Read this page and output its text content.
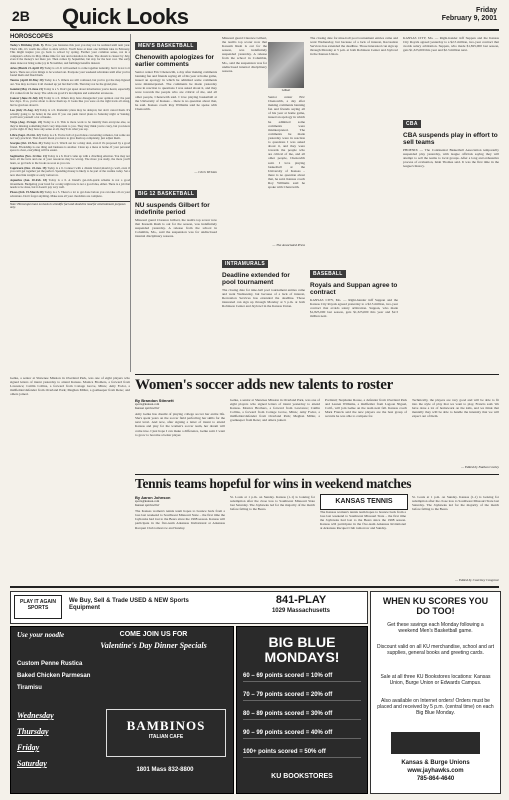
2B Quick Looks	Friday
February 9, 2001
HOROSCOPES
Today's Birthday (Feb. 9). Have you fantasies this year you may not be realized until next year. That's OK, it's worth the effort to stick with it. You'll have at least one brilliant idea in February. This might inspire you go back to school by spring. Further your common sense, not in a complete's advice in May. Make time for rest and relaxation in June. The dream is clearer by July, even if the money's not there yet. Then comes by September, but stay for the best cost. The early dates done not bring some joy in November, and furthings benefits instead.
Aries (March 21-April 19) Today is a 6. It will seemed to come together naturally, but it is not to it here's. There are a few things to be worked out. Postpone your weekend adventure until after you've found them and fixed them.
Taurus (April 20-May 20) Today is a 5. Others are still confused, but you've got the map figured out. You may not have it all cleaned up yet but that's OK. That may not be the grand plan.
Gemini (May 21-June 21) Today is a 5. Don't get upset about information you're heard, especially if it comes from far away. The odds are good it's incomplete and somewhat erroneous.
Cancer (June 22-July 22) Today is a 6. Others may have disregarded your opinion over the past few days. If so, you're about to show them up. It looks like you were on the right track all along, but be gracious about it.
Leo (July 23-Aug. 22) Today is a 6. Romantic plans may be delayed, but don't cancel them. It's actually going to be better in the end. If you can push travel plans to Saturday night or Sunday, you'll save yourself a lot of hassle.
Virgo (Aug. 23-Sept. 22) Today is a 6. This is more work to be identify than everyone else, so they're missing something that's very important to you. They may think you're crazy, but you know you're right. If they have any sense at all, they'll do what you say.
Libra (Sept. 23-Oct. 22) Today is a 6. You're full of good ideas concerning romance, but some are not very practical. That doesn't mean you have to give them up completely, just adjust them.
Scorpio (Oct. 23-Nov. 21) Today is a 5. Watch out for a risky deal, even if it's proposed by a good friend. Friendship is one thing and business is another. Clean up a mess at home. If your personal space is clear, everything will be easier.
Sagittarius (Nov. 22-Dec. 21) Today is a 6. Don't come up with a clinching emotion. You may not have all the facts and one of your resources may be wrong. The more you study, the more you'll learn, so get back to the books as soon as you can.
Capricorn (Dec. 22-Jan. 19) Today is a 6. Connect with a distant friend should go well, even if you can't get together yet the perfect. Spending money is likely to be part of the routine today. Set a new idea link tonight or early tomorrow.
Aquarius (Jan. 20-Feb. 18) Today is a 6. A friend's get-rich-quick scheme is not a good investment. Budgeting your bond for a rainy night now is not a good idea, either. There is a job that needs to be done, but it doesn't pay very well.
Pisces (Feb. 19-March 20) Today is a 5. There's a lot to get done before you can take off on your adventure. Don't forget anything. Make sure all your checklists are complete.
Note: Horoscopes have no basis in scientific fact and should be read for entertainment purposes only.
MEN'S BASKETBALL
Chenowith apologizes for earlier comments
Senior center Eric Chenowith, a day after making comments banning fan and friends saying all of his year at home game, issued an apology in which he admitted some comments were misinterpreted. The comments he made yesterday were in reaction to questions I was asked about it, and they were towards the people who are critical of me, and all other people, Chenowith said. I love playing basketball at the University of Kansas – there is no question about that, he said. Kansas coach Roy Williams said he spoke with Chenowith.
— Chris Wristen
BIG 12 BASKETBALL
NU suspends Gilbert for indefinite period
Missouri guard Clarence Gilbert, the team's top scorer now that Kareem Rush is out for the season, was indefinitely suspended yesterday. A release from the school in Columbia, Mo., said the suspension was for undisclosed internal disciplinary reasons.
Missouri guard Clarence Gilbert, the team's top scorer now that Kareem Rush is out for the season, was indefinitely suspended yesterday. A release from the school in Columbia, Mo., said the suspension was for undisclosed internal disciplinary reasons.
Gilbert
Senior center Eric Chenowith, a day after making comments banning fan and friends saying all of his year at home game, issued an apology in which he admitted some comments were misinterpreted. The comments he made yesterday were in reaction to questions I was asked about it, and they were towards the people who are critical of me, and all other people, Chenowith said. I love playing basketball at the University of Kansas – there is no question about that, he said. Kansas coach Roy Williams said he spoke with Chenowith.
— The Associated Press
INTRAMURALS
Deadline extended for pool tournament
The closing date for nine-ball pool tournament entries came and went Wednesday, but because of a lack of interest, Recreation Services has extended the deadline. Those interested can sign up through Monday at 5 p.m. at both Robinson Center and Jaybowl in the Kansas Union.
The closing date for nine-ball pool tournament entries came and went Wednesday, but because of a lack of interest, Recreation Services has extended the deadline. Those interested can sign up through Monday at 5 p.m. at both Robinson Center and Jaybowl in the Kansas Union.
BASEBALL
Royals and Suppan agree to contract
KANSAS CITY, Mo. — Right-hander Jeff Suppan and the Kansas City Royals agreed yesterday to a $2.5 million, two-year contract that avoids salary arbitration. Suppan, who made $1,825,000 last season, gets $1,325,000 this year and $2.3 million next.
KANSAS CITY, Mo. — Right-hander Jeff Suppan and the Kansas City Royals agreed yesterday to a $2.5 million, two-year contract that avoids salary arbitration. Suppan, who made $1,825,000 last season, gets $1,325,000 this year and $2.3 million next.
CBA
CBA suspends play in effort to sell teams
PHOENIX — The Continental Basketball Association temporarily suspended play yesterday, with league officials saying they will attempt to sell the teams to local groups. After a long and exhaustive process of evaluation, Isiah Thomas said. It was the first time in the league's history.
Women's soccer adds new talents to roster
By Brandon Stinnett
sports@kansan.com
Kansan sportswriter
Amy Gelke has dreamt of playing college soccer her entire life. She's spent years on the soccer field perfecting her skills for the next level. And now, after signing a letter of intent to attend Kansas and play for the women's soccer team, her dream will come true. I just hope I can make a difference, Gelke said. I want to grow to become a better player.
Gelke, a senior at Shawnee Mission in Overland Park, was one of eight players who signed letters of intent yesterday to attend Kansas. Monica Brothers, a forward from Lawrence; Caitlin Collins, a forward from Cottage Grove, Minn.; Amy Fodor, a midfielder/defender from Overland Park; Meghan Miller, a goalkeeper from Reno; and others joined.
Portland; Stephanie Rouse, a defender from Overland Park and Lauren Williams, a midfielder from Lagoon Niguel, Calif., will join Gelke on the team next fall. Kansas coach Mark Francis said the new players are the best group of recruits he was able to compete for.
Technically, the players are very good and will be able to fit into the style of play that we want to play, Francis said. We have done a lot of homework on the kids, and we think that mentally they will be able to handle the intensity that we will expect out of them.
— Edited by Nathan Cooley
Tennis teams hopeful for wins in weekend matches
By Aaron Johnson
sports@kansan.com
Kansan sportswriter
The Kansas women's tennis team hopes to bounce back from a loss last weekend to Southwest Missouri State – the first time the Jayhawks had lost to the Bears since the 1998 season. Kansas will participate in the five-team Arkansas Invitational at Arkansas Racquet Club tomorrow and Sunday.
St. Louis at 1 p.m. on Sunday. Kansas (1-1) is looking for redemption after the close loss to Southwest Missouri State last Saturday. The Jayhawks led for the majority of the match before falling to the Bears.
KANSAS TENNIS
The Kansas women's tennis team hopes to bounce back from a loss last weekend to Southwest Missouri State – the first time the Jayhawks had lost to the Bears since the 1998 season. Kansas will participate in the five-team Arkansas Invitational at Arkansas Racquet Club tomorrow and Sunday.
St. Louis at 1 p.m. on Sunday. Kansas (1-1) is looking for redemption after the close loss to Southwest Missouri State last Saturday. The Jayhawks led for the majority of the match before falling to the Bears.
— Edited by Courtney Cosgrove
Gelke, a senior at Shawnee Mission in Overland Park, was one of eight players who signed letters of intent yesterday to attend Kansas. Monica Brothers, a forward from Lawrence; Caitlin Collins, a forward from Cottage Grove, Minn.; Amy Fodor, a midfielder/defender from Overland Park; Meghan Miller, a goalkeeper from Reno; and others joined.
PLAY IT AGAIN SPORTS
We Buy, Sell & Trade USED & NEW Sports Equipment
841-PLAY
1029 Massachusetts
Use your noodle	COME JOIN US FOR
Valentine's Day Dinner Specials
Custom Penne Rustica
Baked Chicken Parmesan
Tiramisu
Wednesday
Thursday
Friday
Saturday
BAMBINOS
ITALIAN CAFE
1801 Mass 832-8800
BIG BLUE MONDAYS!
60 – 69 points scored = 10% off
70 – 79 points scored = 20% off
80 – 89 points scored = 30% off
90 – 99 points scored = 40% off
100+ points scored = 50% off
KU BOOKSTORES
WHEN KU SCORES YOU DO TOO!
Get these savings each Monday following a weekend Men's Basketball game.
Discount valid on all KU merchandise, school and art supplies, general books and greeting cards.
Sale at all three KU Bookstores locations: Kansas Union, Burge Union or Edwards Campus.
Also available on Internet orders! Orders must be placed and received by 5 p.m. (central time) on each Big Blue Monday.
Kansas & Burge Unions
www.jayhawks.com
785-864-4640
